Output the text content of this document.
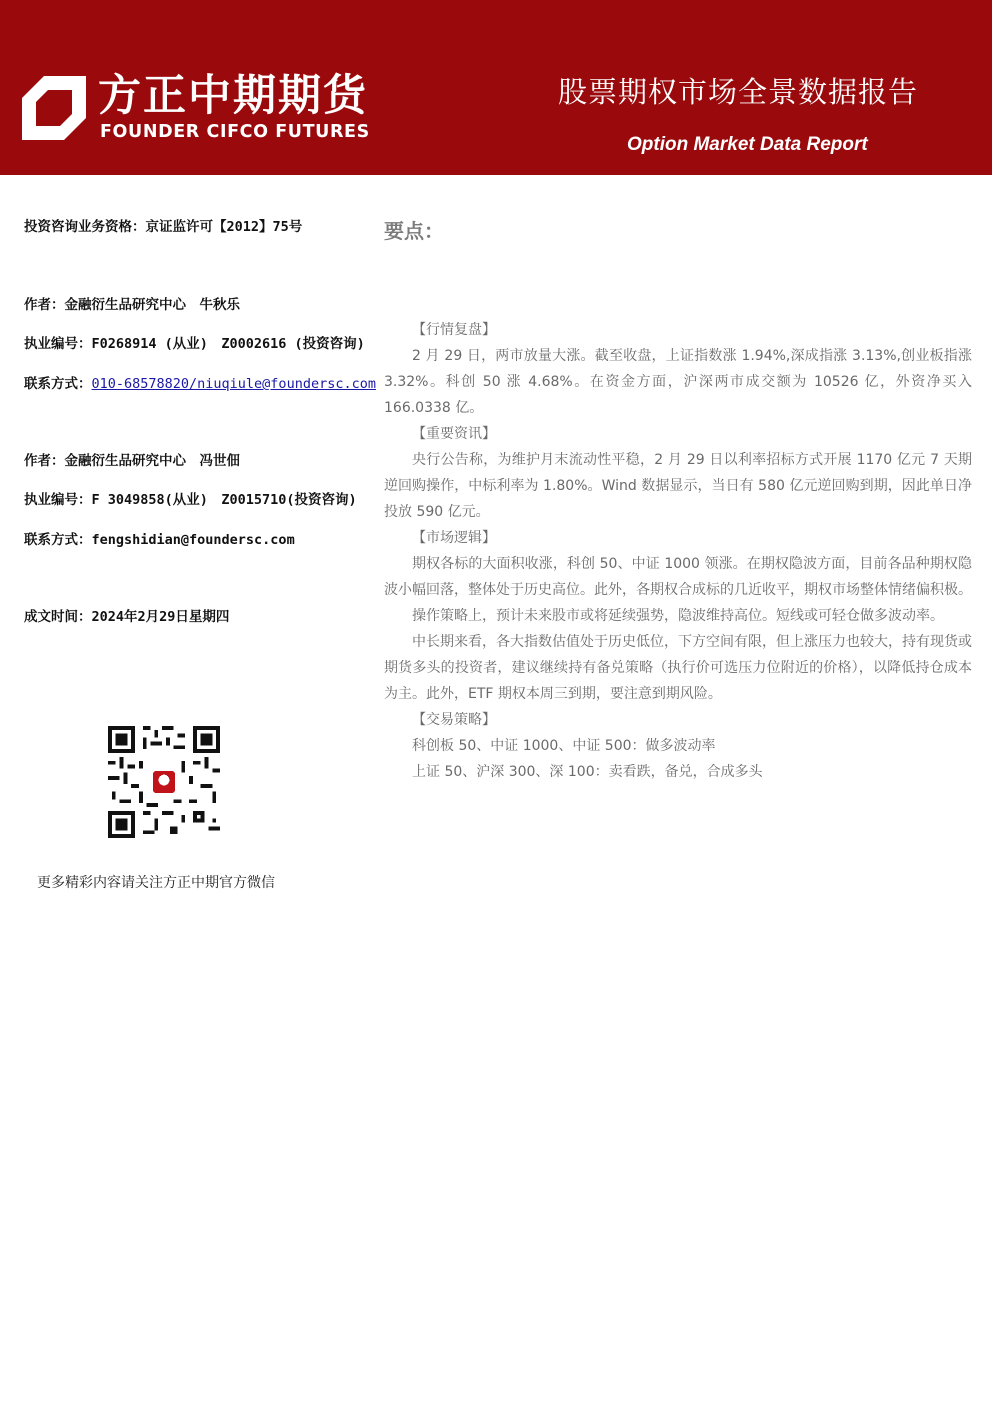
方正中期期货
FOUNDER CIFCO FUTURES
股票期权市场全景数据报告
Option Market Data Report
投资咨询业务资格：京证监许可【2012】75号
作者：金融衍生品研究中心　牛秋乐
执业编号：F0268914 (从业)　Z0002616 (投资咨询)
联系方式：010-68578820/niuqiule@foundersc.com
作者：金融衍生品研究中心　冯世佃
执业编号：F 3049858(从业)　Z0015710(投资咨询)
联系方式：fengshidian@foundersc.com
成文时间：2024年2月29日星期四
更多精彩内容请关注方正中期官方微信
要点：

【行情复盘】

2 月 29 日，两市放量大涨。截至收盘，上证指数涨 1.94%,深成指涨 3.13%,创业板指涨 3.32%。科创 50 涨 4.68%。在资金方面，沪深两市成交额为 10526 亿，外资净买入 166.0338 亿。

【重要资讯】

央行公告称，为维护月末流动性平稳，2 月 29 日以利率招标方式开展 1170 亿元 7 天期逆回购操作，中标利率为 1.80%。Wind 数据显示，当日有 580 亿元逆回购到期，因此单日净投放 590 亿元。

【市场逻辑】

期权各标的大面积收涨，科创 50、中证 1000 领涨。在期权隐波方面，目前各品种期权隐波小幅回落，整体处于历史高位。此外，各期权合成标的几近收平，期权市场整体情绪偏积极。

操作策略上，预计未来股市或将延续强势，隐波维持高位。短线或可轻仓做多波动率。

中长期来看，各大指数估值处于历史低位，下方空间有限，但上涨压力也较大，持有现货或期货多头的投资者，建议继续持有备兑策略（执行价可选压力位附近的价格），以降低持仓成本为主。此外，ETF 期权本周三到期，要注意到期风险。

【交易策略】

科创板 50、中证 1000、中证 500：做多波动率

上证 50、沪深 300、深 100：卖看跌，备兑，合成多头
